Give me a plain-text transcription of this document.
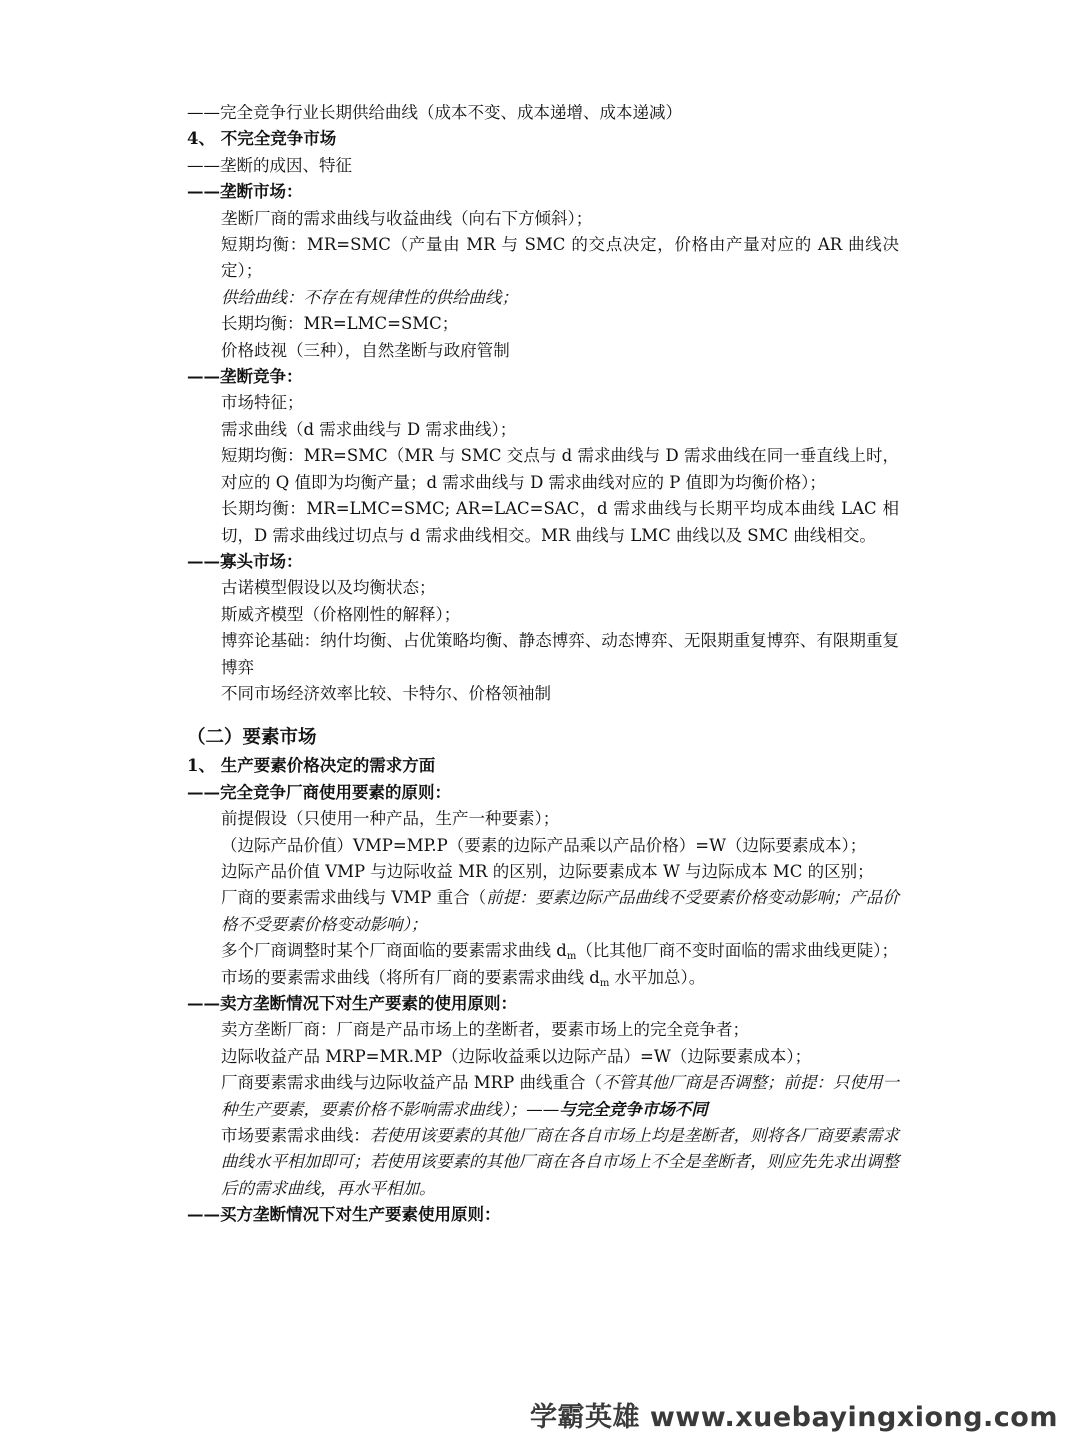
——完全竞争行业长期供给曲线（成本不变、成本递增、成本递减）
4、 不完全竞争市场
——垄断的成因、特征
——垄断市场：
垄断厂商的需求曲线与收益曲线（向右下方倾斜）；
短期均衡：MR=SMC（产量由 MR 与 SMC 的交点决定，价格由产量对应的 AR 曲线决定）；
供给曲线：不存在有规律性的供给曲线；
长期均衡：MR=LMC=SMC；
价格歧视（三种），自然垄断与政府管制
——垄断竞争：
市场特征；
需求曲线（d 需求曲线与 D 需求曲线）；
短期均衡：MR=SMC（MR 与 SMC 交点与 d 需求曲线与 D 需求曲线在同一垂直线上时，对应的 Q 值即为均衡产量；d 需求曲线与 D 需求曲线对应的 P 值即为均衡价格）；
长期均衡：MR=LMC=SMC; AR=LAC=SAC，d 需求曲线与长期平均成本曲线 LAC 相切，D 需求曲线过切点与 d 需求曲线相交。MR 曲线与 LMC 曲线以及 SMC 曲线相交。
——寡头市场：
古诺模型假设以及均衡状态；
斯威齐模型（价格刚性的解释）；
博弈论基础：纳什均衡、占优策略均衡、静态博弈、动态博弈、无限期重复博弈、有限期重复博弈
不同市场经济效率比较、卡特尔、价格领袖制
（二）要素市场
1、 生产要素价格决定的需求方面
——完全竞争厂商使用要素的原则：
前提假设（只使用一种产品，生产一种要素）；
（边际产品价值）VMP=MP.P（要素的边际产品乘以产品价格）=W（边际要素成本）；
边际产品价值 VMP 与边际收益 MR 的区别，边际要素成本 W 与边际成本 MC 的区别；
厂商的要素需求曲线与 VMP 重合（前提：要素边际产品曲线不受要素价格变动影响；产品价格不受要素价格变动影响）；
多个厂商调整时某个厂商面临的要素需求曲线 $d_m$（比其他厂商不变时面临的需求曲线更陡）；
市场的要素需求曲线（将所有厂商的要素需求曲线 $d_m$ 水平加总）。
——卖方垄断情况下对生产要素的使用原则：
卖方垄断厂商：厂商是产品市场上的垄断者，要素市场上的完全竞争者；
边际收益产品 MRP=MR.MP（边际收益乘以边际产品）=W（边际要素成本）；
厂商要素需求曲线与边际收益产品 MRP 曲线重合（不管其他厂商是否调整；前提：只使用一种生产要素，要素价格不影响需求曲线）；——与完全竞争市场不同
市场要素需求曲线：若使用该要素的其他厂商在各自市场上均是垄断者，则将各厂商要素需求曲线水平相加即可；若使用该要素的其他厂商在各自市场上不全是垄断者，则应先先求出调整后的需求曲线，再水平相加。
——买方垄断情况下对生产要素使用原则：
学霸英雄 www.xuebayingxiong.com
